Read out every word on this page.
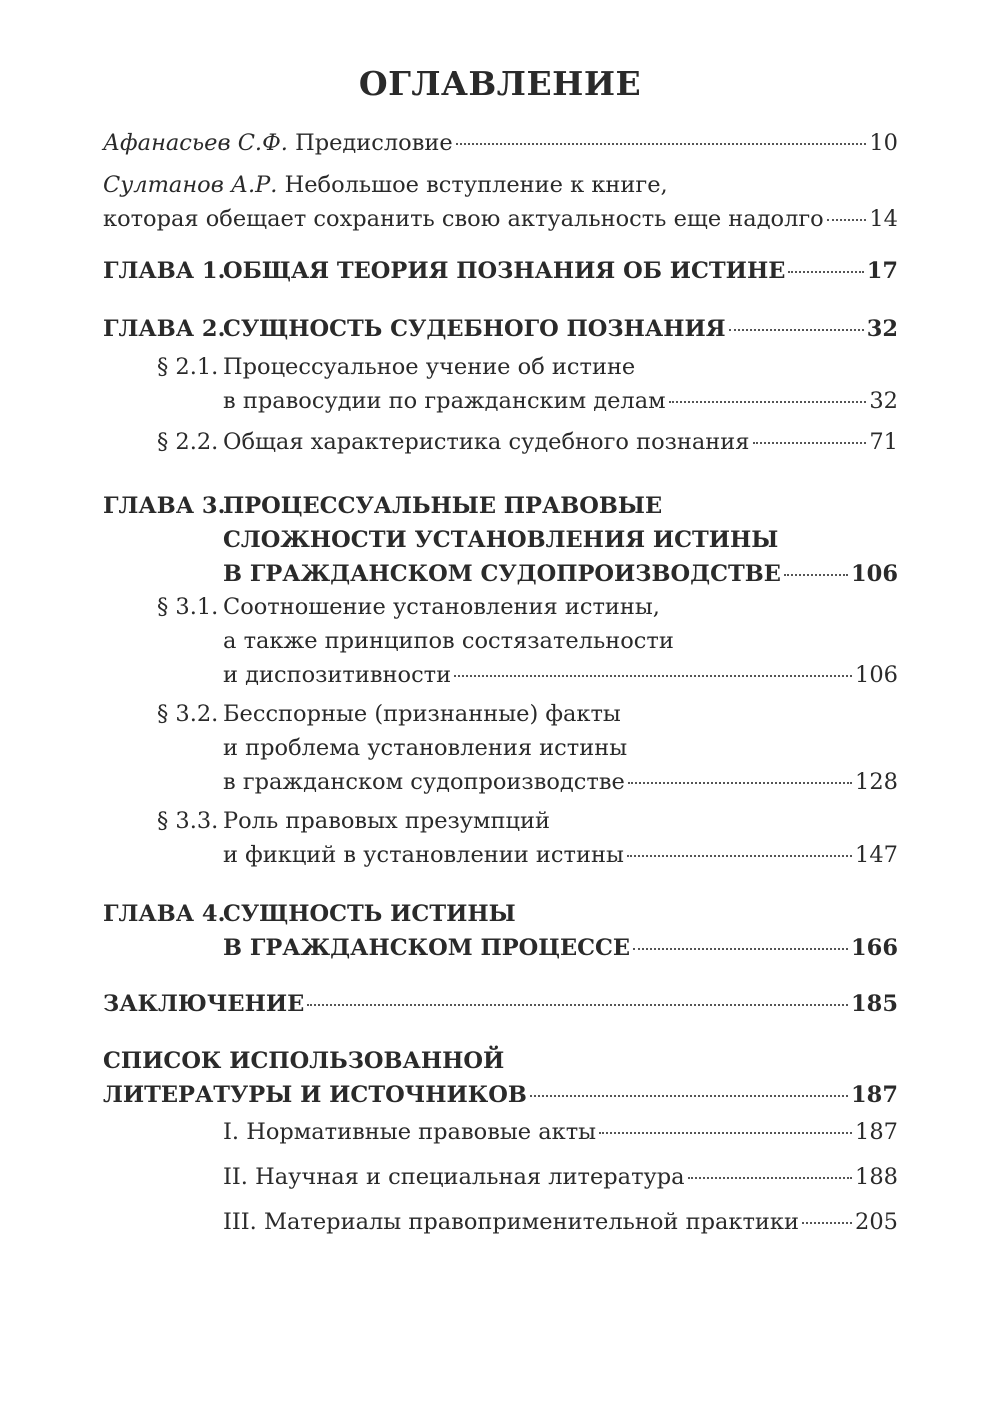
ОГЛАВЛЕНИЕ
Афанасьев С.Ф. Предисловие	10
Султанов А.Р. Небольшое вступление к книге,
которая обещает сохранить свою актуальность еще надолго 14
ГЛАВА 1.
ОБЩАЯ ТЕОРИЯ ПОЗНАНИЯ ОБ ИСТИНЕ	17
ГЛАВА 2.
СУЩНОСТЬ СУДЕБНОГО ПОЗНАНИЯ	32
§ 2.1. Процессуальное учение об истине
в правосудии по гражданским делам	32
§ 2.2. Общая характеристика судебного познания	71
ГЛАВА 3.
ПРОЦЕССУАЛЬНЫЕ ПРАВОВЫЕ
СЛОЖНОСТИ УСТАНОВЛЕНИЯ ИСТИНЫ
В ГРАЖДАНСКОМ СУДОПРОИЗВОДСТВЕ	106
§ 3.1. Соотношение установления истины,
а также принципов состязательности
и диспозитивности	106
§ 3.2. Бесспорные (признанные) факты
и проблема установления истины
в гражданском судопроизводстве	128
§ 3.3. Роль правовых презумпций
и фикций в установлении истины	147
ГЛАВА 4.
СУЩНОСТЬ ИСТИНЫ
В ГРАЖДАНСКОМ ПРОЦЕССЕ	166
ЗАКЛЮЧЕНИЕ	185
СПИСОК ИСПОЛЬЗОВАННОЙ
ЛИТЕРАТУРЫ И ИСТОЧНИКОВ	187
I. Нормативные правовые акты	187
II. Научная и специальная литература	188
III. Материалы правоприменительной практики 205
